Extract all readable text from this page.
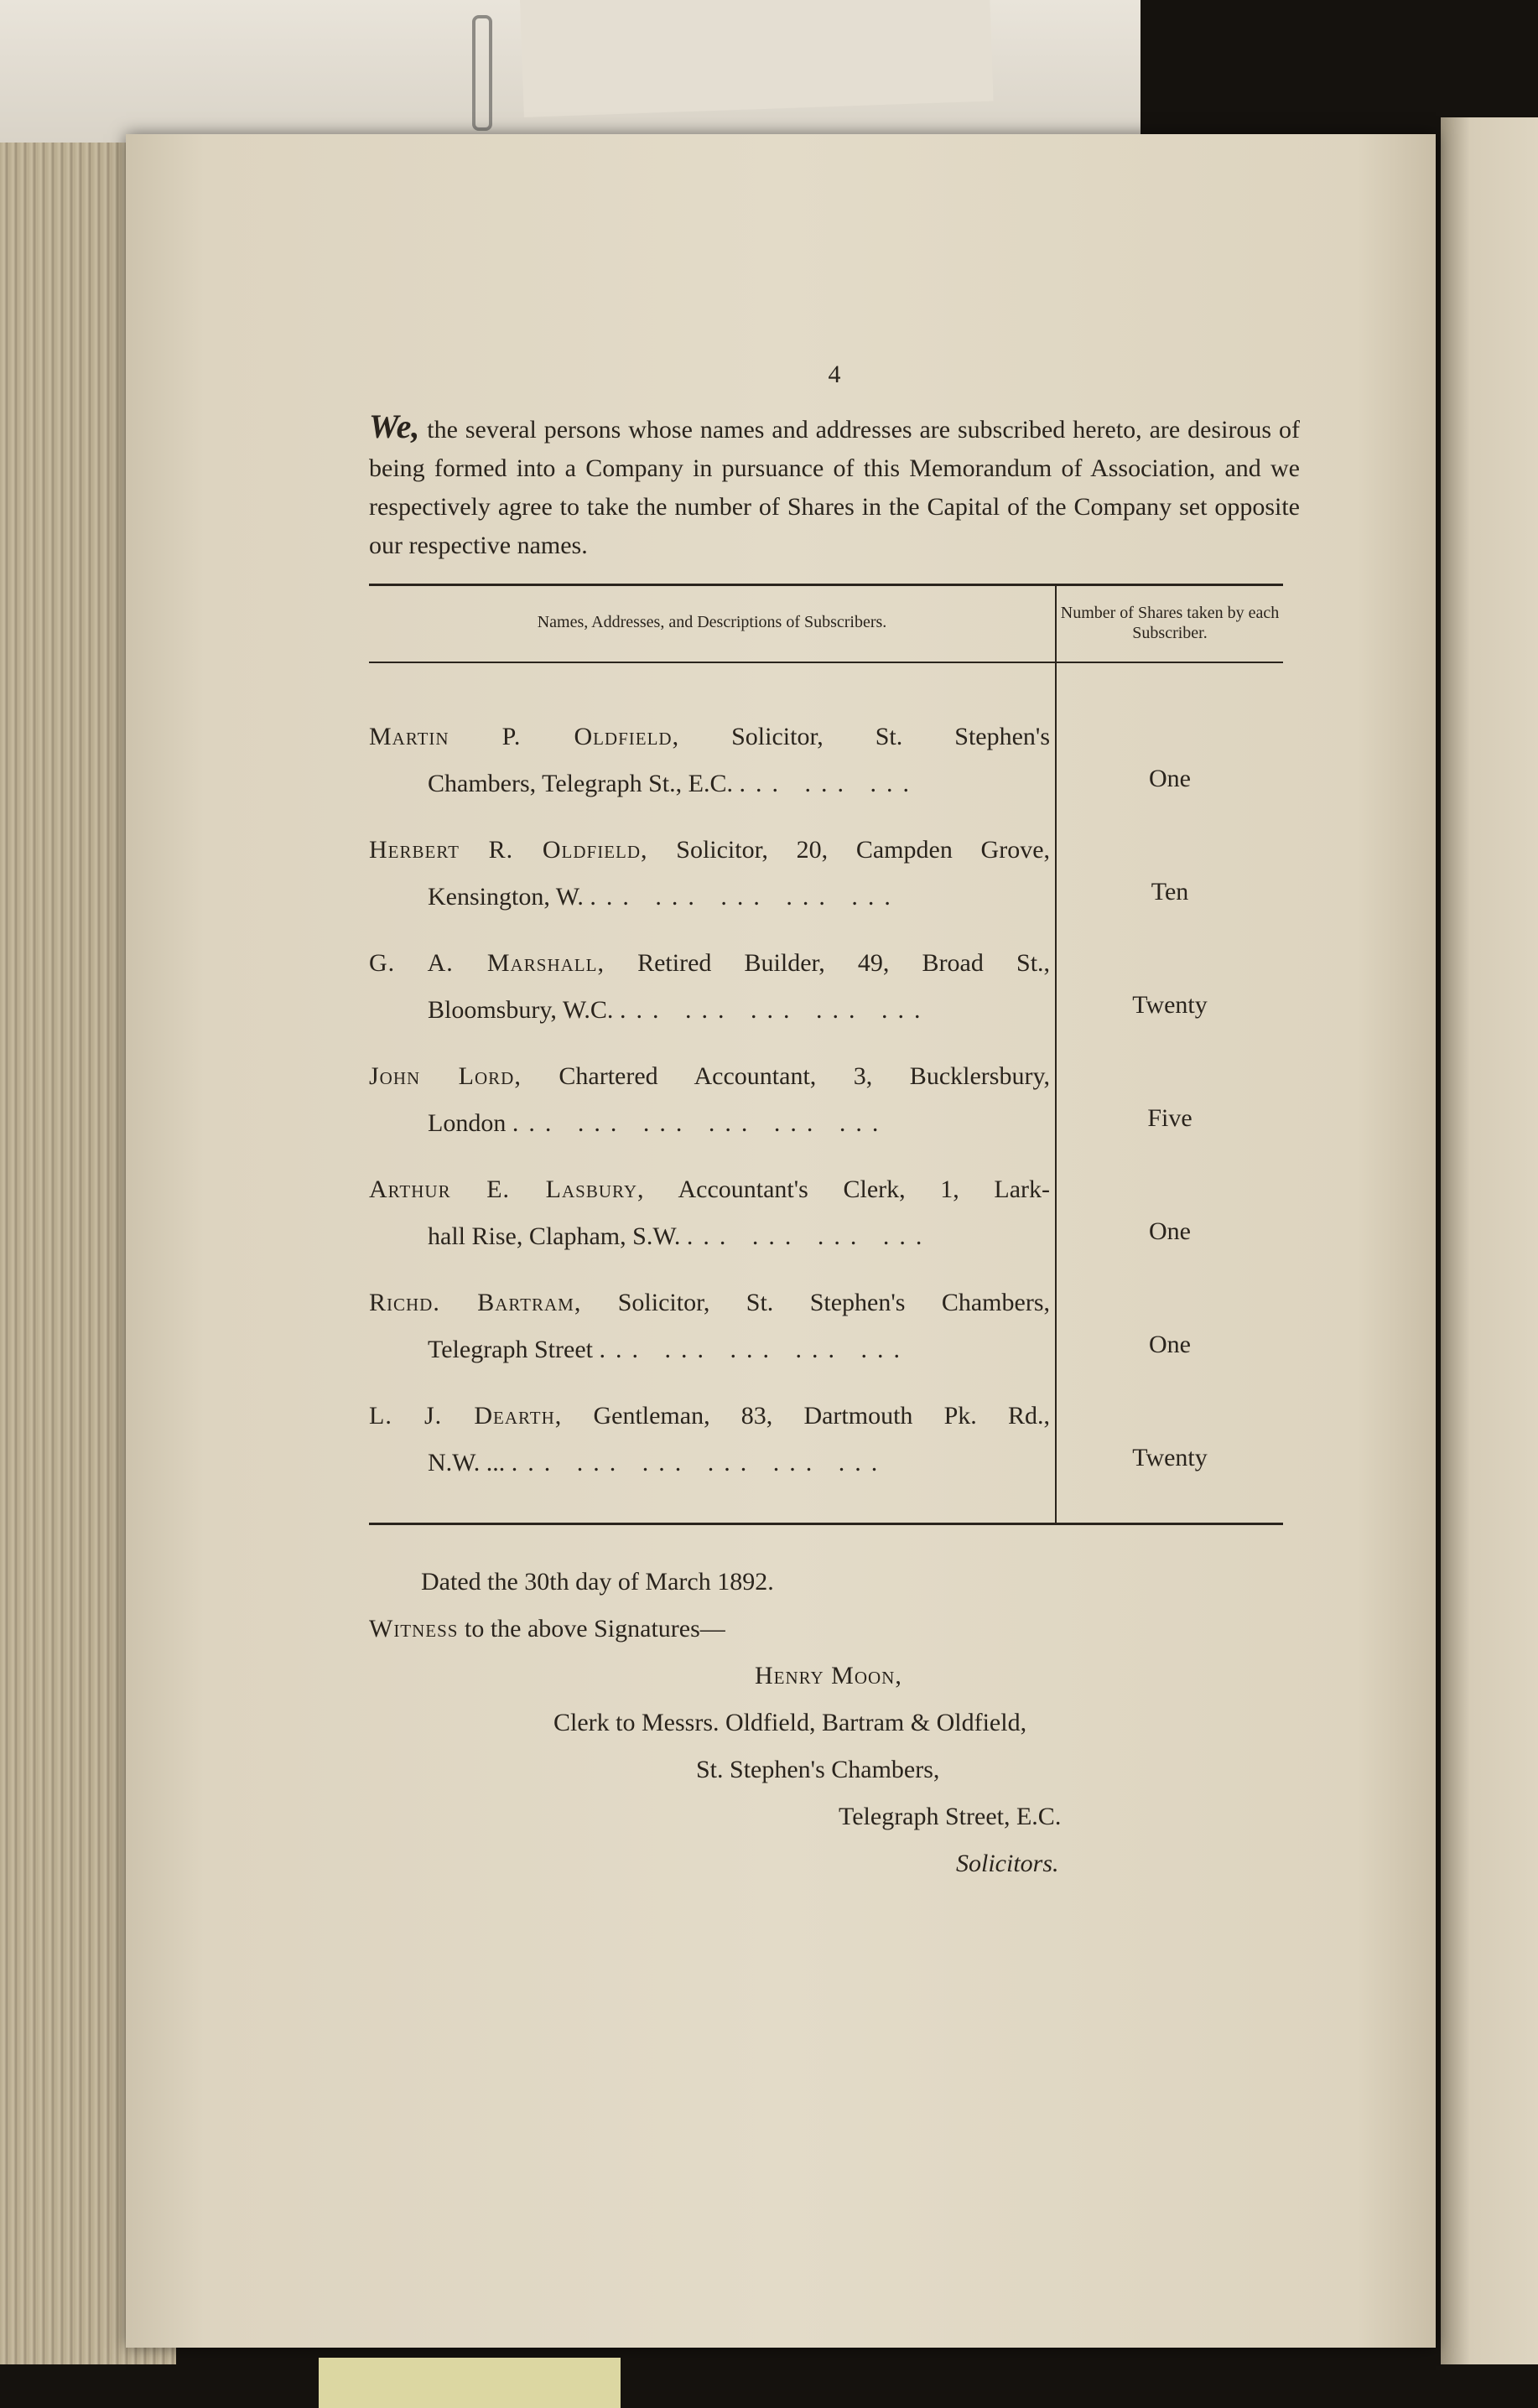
4
We, the several persons whose names and addresses are subscribed hereto, are desirous of being formed into a Company in pursuance of this Memorandum of Association, and we respectively agree to take the number of Shares in the Capital of the Company set opposite our respective names.
Names, Addresses, and Descriptions of Subscribers.	Number of Shares taken by each Subscriber.
Martin P. Oldfield, Solicitor, St. Stephen's
Chambers, Telegraph St., E.C. ... ... ...
Herbert R. Oldfield, Solicitor, 20, Campden Grove,
Kensington, W. ... ... ... ... ...
G. A. Marshall, Retired Builder, 49, Broad St.,
Bloomsbury, W.C. ... ... ... ... ...
John Lord, Chartered Accountant, 3, Bucklersbury,
London ... ... ... ... ... ...
Arthur E. Lasbury, Accountant's Clerk, 1, Lark-
hall Rise, Clapham, S.W. ... ... ... ...
Richd. Bartram, Solicitor, St. Stephen's Chambers,
Telegraph Street ... ... ... ... ...
L. J. Dearth, Gentleman, 83, Dartmouth Pk. Rd.,
N.W. ... ... ... ... ... ... ...
One
Ten
Twenty
Five
One
One
Twenty
Dated the 30th day of March 1892.
Witness to the above Signatures—
Henry Moon,
Clerk to Messrs. Oldfield, Bartram & Oldfield,
St. Stephen's Chambers,
Telegraph Street, E.C.
Solicitors.
